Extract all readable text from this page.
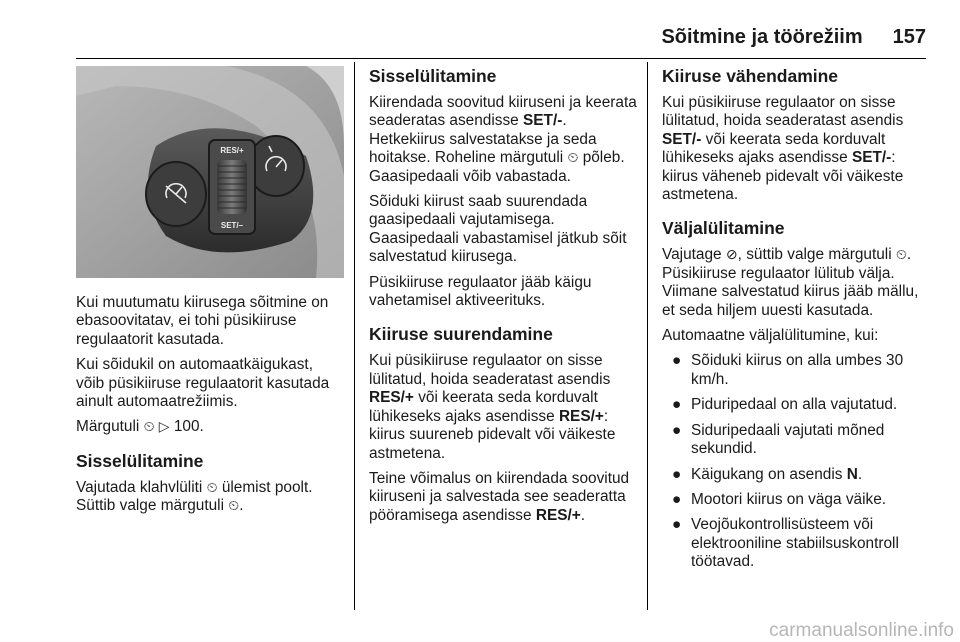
Sõitmine ja töörežiim 157
RES/+
SET/–

Kui muutumatu kiirusega sõitmine on ebasoovitatav, ei tohi püsikiiruse regulaatorit kasutada.

Kui sõidukil on automaatkäigukast, võib püsikiiruse regulaatorit kasutada ainult automaatrežiimis.

Märgutuli ⏲ ▷ 100.

Sisselülitamine

Vajutada klahvlüliti ⏲ ülemist poolt. Süttib valge märgutuli ⏲.

Sisselülitamine

Kiirendada soovitud kiiruseni ja keerata seaderatas asendisse SET/-. Hetkekiirus salvestatakse ja seda hoitakse. Roheline märgutuli ⏲ põleb. Gaasipedaali võib vabastada.

Sõiduki kiirust saab suurendada gaasipedaali vajutamisega. Gaasipedaali vabastamisel jätkub sõit salvestatud kiirusega.

Püsikiiruse regulaator jääb käigu vahetamisel aktiveerituks.

Kiiruse suurendamine

Kui püsikiiruse regulaator on sisse lülitatud, hoida seaderatast asendis RES/+ või keerata seda korduvalt lühikeseks ajaks asendisse RES/+: kiirus suureneb pidevalt või väikeste astmetena.

Teine võimalus on kiirendada soovitud kiiruseni ja salvestada see seaderatta pööramisega asendisse RES/+.

Kiiruse vähendamine

Kui püsikiiruse regulaator on sisse lülitatud, hoida seaderatast asendis SET/- või keerata seda korduvalt lühikeseks ajaks asendisse SET/-: kiirus väheneb pidevalt või väikeste astmetena.

Väljalülitamine

Vajutage ⊘, süttib valge märgutuli ⏲. Püsikiiruse regulaator lülitub välja. Viimane salvestatud kiirus jääb mällu, et seda hiljem uuesti kasutada.

Automaatne väljalülitumine, kui:

● Sõiduki kiirus on alla umbes 30 km/h.
● Piduripedaal on alla vajutatud.
● Siduripedaali vajutati mõned sekundid.
● Käigukang on asendis N.
● Mootori kiirus on väga väike.
● Veojõukontrollisüsteem või elektrooniline stabiilsuskontroll töötavad.
carmanualsonline.info
